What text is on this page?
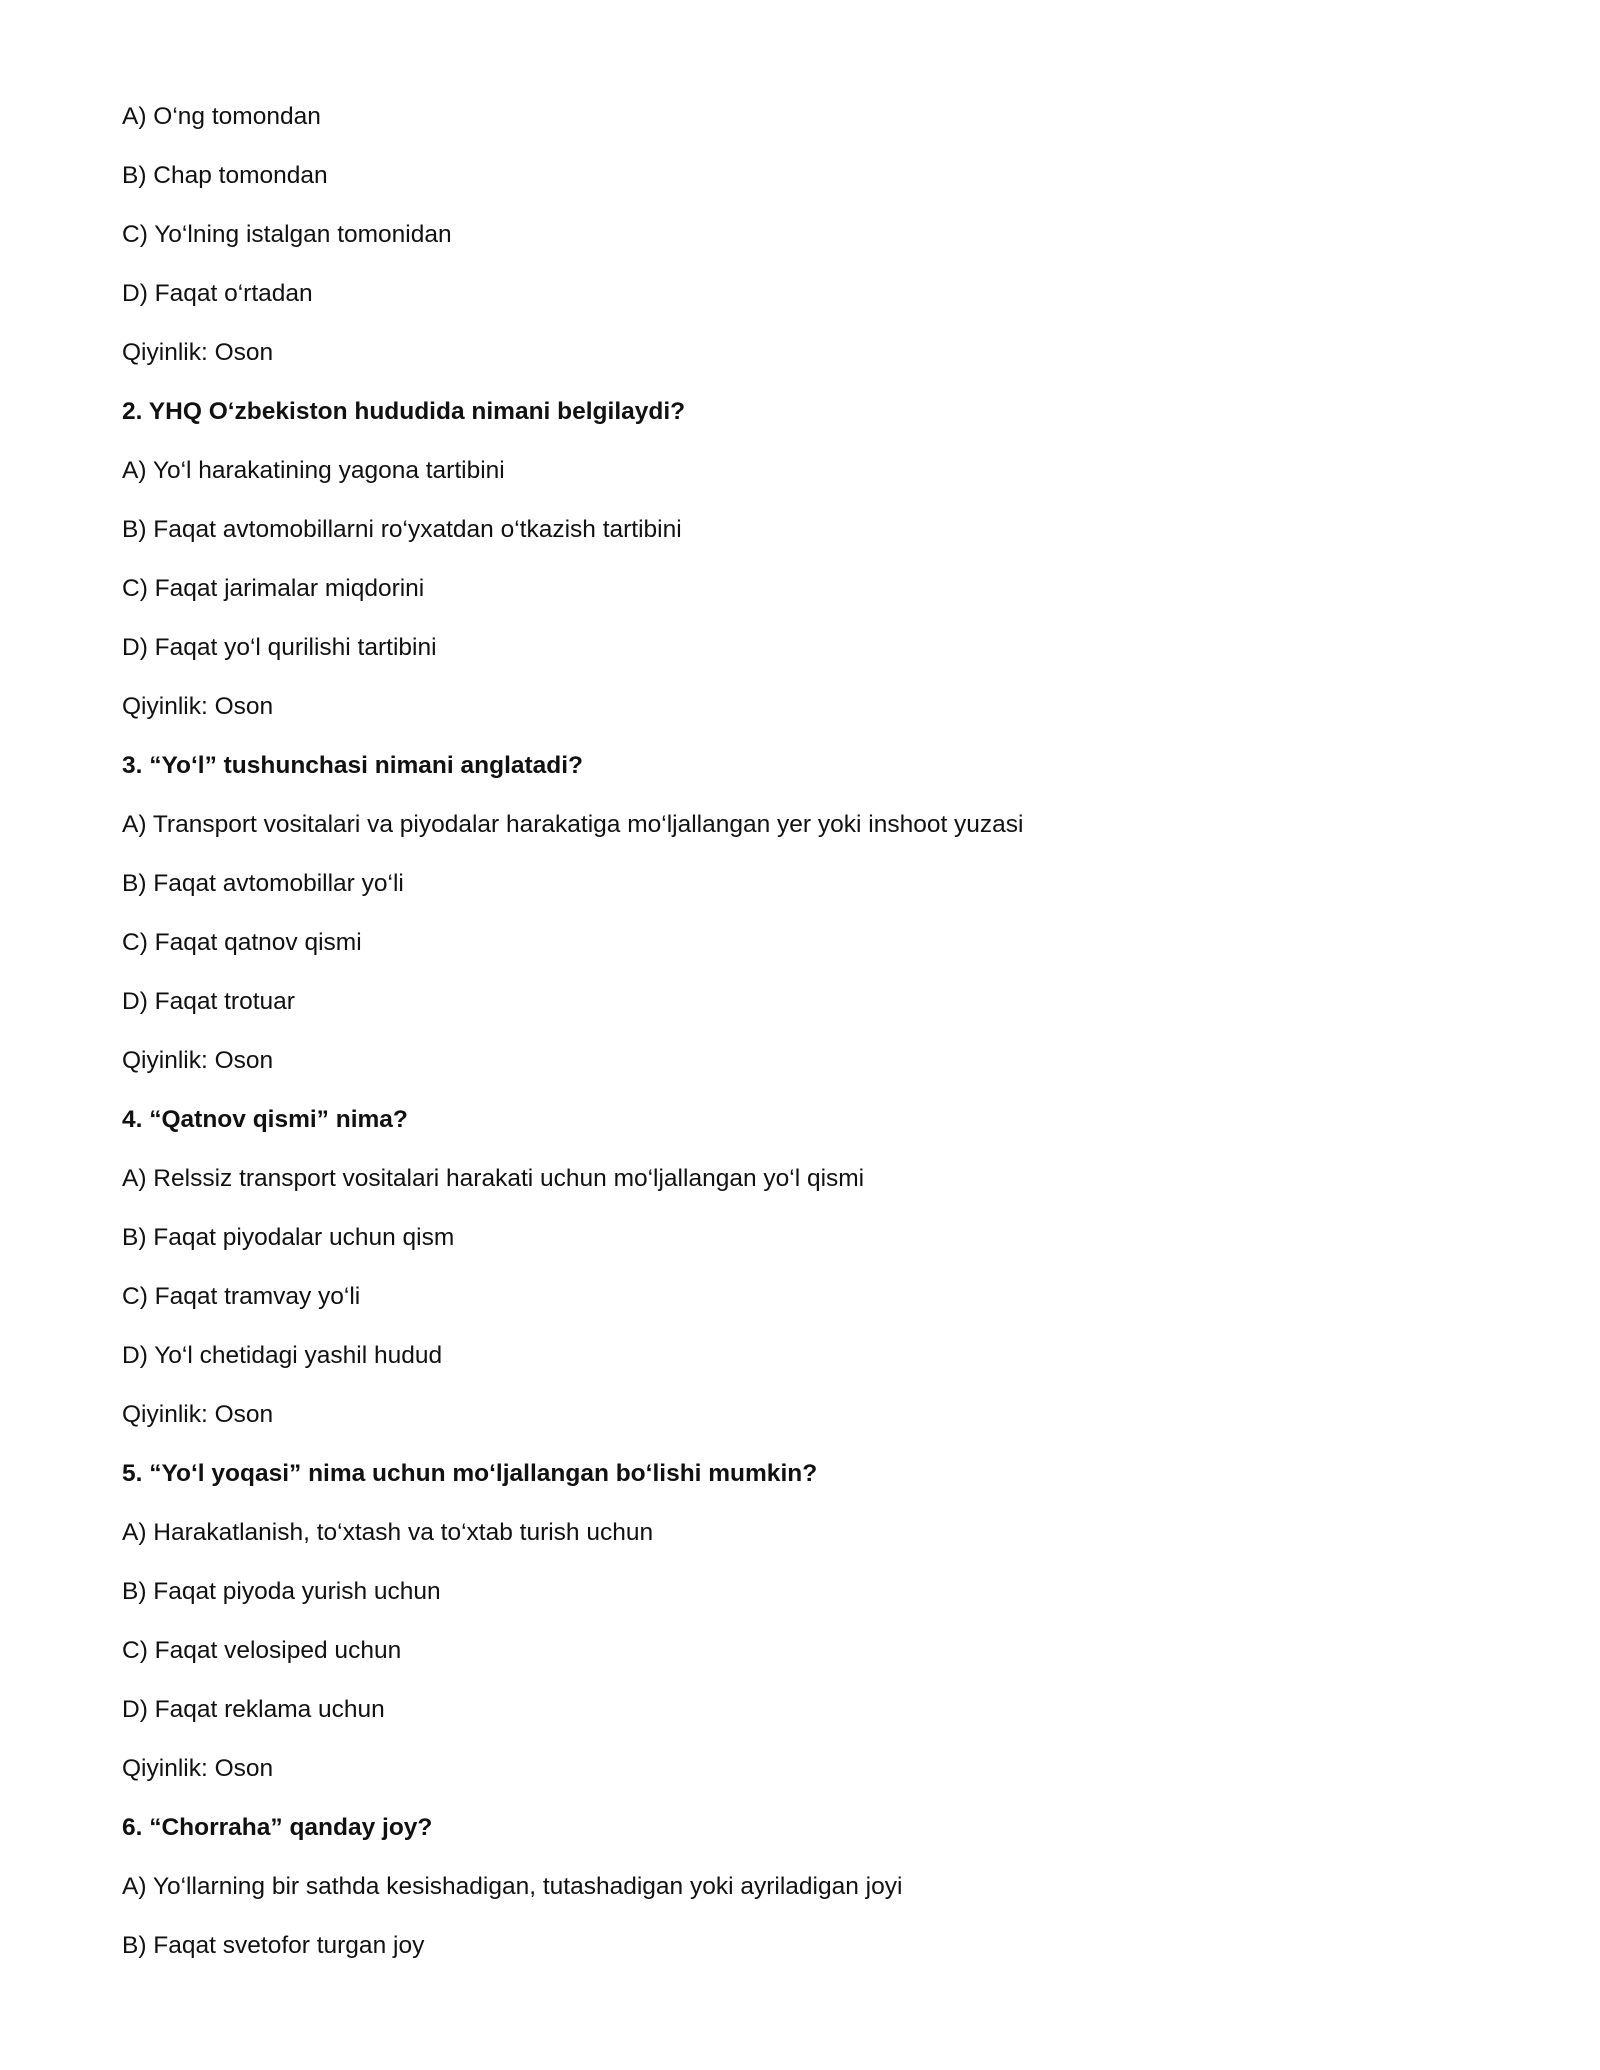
A) O‘ng tomondan
B) Chap tomondan
C) Yo‘lning istalgan tomonidan
D) Faqat o‘rtadan
Qiyinlik: Oson
2. YHQ O‘zbekiston hududida nimani belgilaydi?
A) Yo‘l harakatining yagona tartibini
B) Faqat avtomobillarni ro‘yxatdan o‘tkazish tartibini
C) Faqat jarimalar miqdorini
D) Faqat yo‘l qurilishi tartibini
Qiyinlik: Oson
3. “Yo‘l” tushunchasi nimani anglatadi?
A) Transport vositalari va piyodalar harakatiga mo‘ljallangan yer yoki inshoot yuzasi
B) Faqat avtomobillar yo‘li
C) Faqat qatnov qismi
D) Faqat trotuar
Qiyinlik: Oson
4. “Qatnov qismi” nima?
A) Relssiz transport vositalari harakati uchun mo‘ljallangan yo‘l qismi
B) Faqat piyodalar uchun qism
C) Faqat tramvay yo‘li
D) Yo‘l chetidagi yashil hudud
Qiyinlik: Oson
5. “Yo‘l yoqasi” nima uchun mo‘ljallangan bo‘lishi mumkin?
A) Harakatlanish, to‘xtash va to‘xtab turish uchun
B) Faqat piyoda yurish uchun
C) Faqat velosiped uchun
D) Faqat reklama uchun
Qiyinlik: Oson
6. “Chorraha” qanday joy?
A) Yo‘llarning bir sathda kesishadigan, tutashadigan yoki ayriladigan joyi
B) Faqat svetofor turgan joy
